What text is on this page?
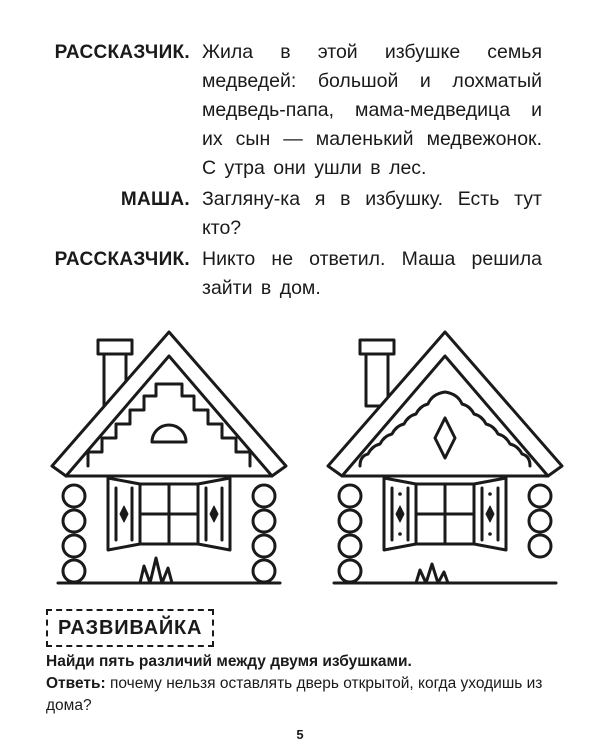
РАССКАЗЧИК. Жила в этой избушке семья медведей: большой и лохматый медведь-папа, мама-медведица и их сын — маленький медвежонок. С утра они ушли в лес.
МАША. Загляну-ка я в избушку. Есть тут кто?
РАССКАЗЧИК. Никто не ответил. Маша решила зайти в дом.
РАЗВИВАЙКА
Найди пять различий между двумя избушками.
Ответь: почему нельзя оставлять дверь открытой, когда уходишь из дома?
5
